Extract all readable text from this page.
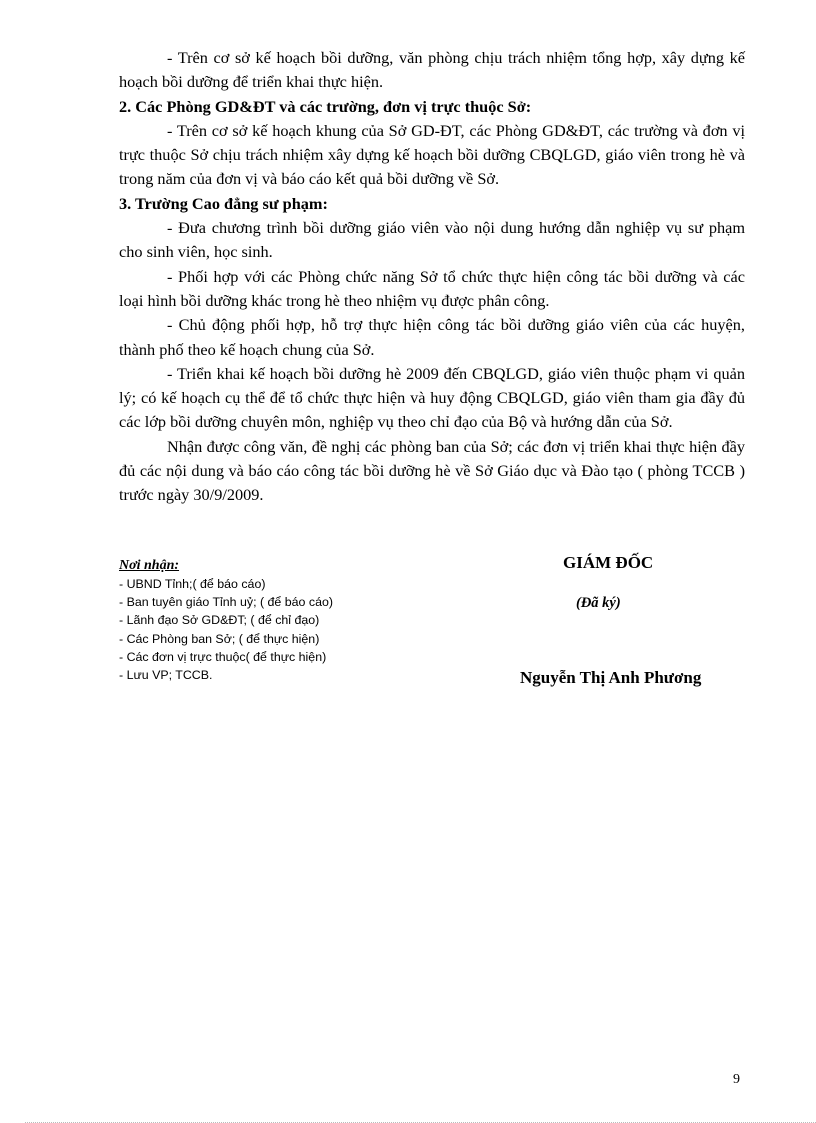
- Trên cơ sở kế hoạch bồi dưỡng, văn phòng chịu trách nhiệm tổng hợp, xây dựng kế hoạch bồi dưỡng để triển khai thực hiện.

2. Các Phòng GD&ĐT và các trường, đơn vị trực thuộc Sở:

- Trên cơ sở kế hoạch khung của Sở GD-ĐT, các Phòng GD&ĐT, các trường và đơn vị trực thuộc Sở chịu trách nhiệm xây dựng kế hoạch bồi dưỡng CBQLGD, giáo viên trong hè và trong năm của đơn vị và báo cáo kết quả bồi dưỡng về Sở.

3. Trường Cao đẳng sư phạm:

- Đưa chương trình bồi dưỡng giáo viên vào nội dung hướng dẫn nghiệp vụ sư phạm cho sinh viên, học sinh.

- Phối hợp với các Phòng chức năng Sở tổ chức thực hiện công tác bồi dưỡng và các loại hình bồi dưỡng khác trong hè theo nhiệm vụ được phân công.

- Chủ động phối hợp, hỗ trợ thực hiện công tác bồi dưỡng giáo viên của các huyện, thành phố theo kế hoạch chung của Sở.

- Triển khai kế hoạch bồi dưỡng hè 2009 đến CBQLGD, giáo viên thuộc phạm vi quản lý; có kế hoạch cụ thể để tổ chức thực hiện và huy động CBQLGD, giáo viên tham gia đầy đủ các lớp bồi dưỡng chuyên môn, nghiệp vụ theo chỉ đạo của Bộ và hướng dẫn của Sở.

Nhận được công văn, đề nghị các phòng ban của Sở; các đơn vị triển khai thực hiện đầy đủ các nội dung và báo cáo công tác bồi dưỡng hè về Sở Giáo dục và Đào tạo ( phòng TCCB ) trước ngày 30/9/2009.

Nơi nhận:
- UBND Tỉnh;( để báo cáo)
- Ban tuyên giáo Tỉnh uỷ; ( để báo cáo)
- Lãnh đạo Sở GD&ĐT; ( để chỉ đạo)
- Các Phòng ban Sở; ( để thực hiện)
- Các đơn vị trực thuộc( để thực hiện)
- Lưu VP; TCCB.
GIÁM ĐỐC
(Đã ký)
Nguyễn Thị Anh Phương
9
